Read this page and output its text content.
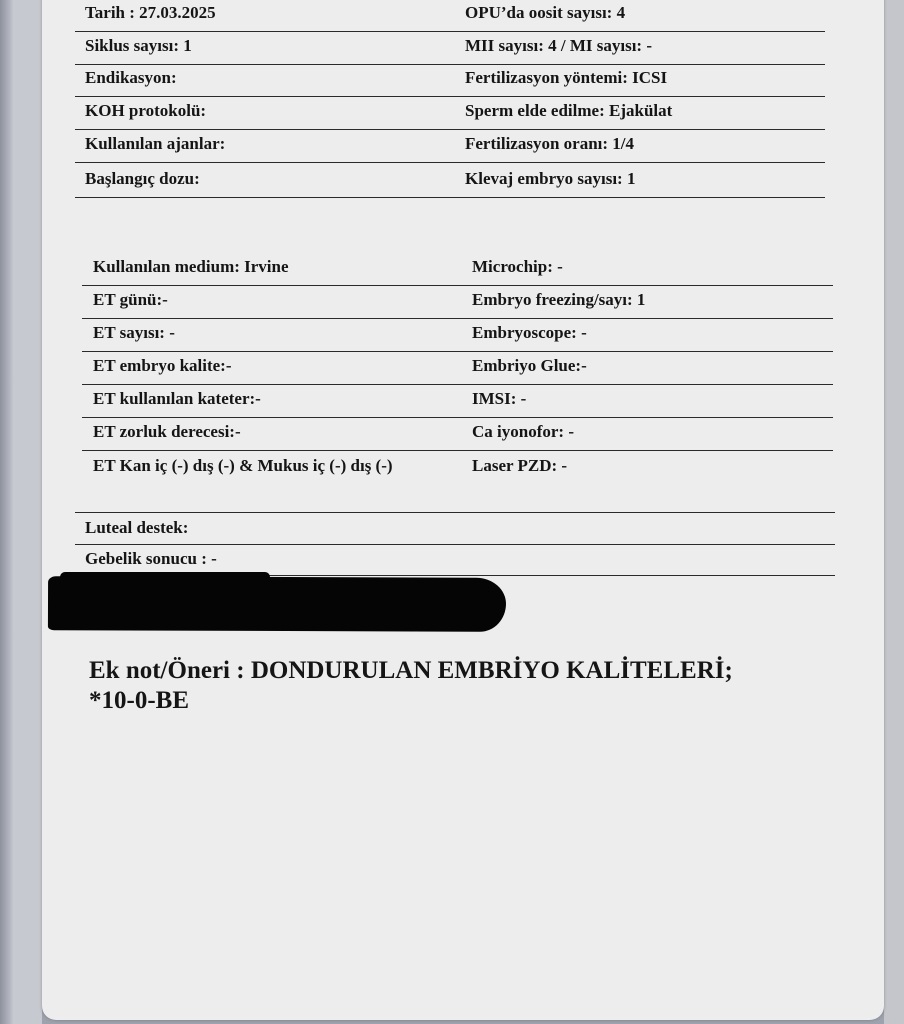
Tarih : 27.03.2025	OPU’da oosit sayısı: 4
Siklus sayısı: 1	MII sayısı: 4 / MI sayısı: -
Endikasyon:	Fertilizasyon yöntemi: ICSI
KOH protokolü:	Sperm elde edilme: Ejakülat
Kullanılan ajanlar:	Fertilizasyon oranı: 1/4
Başlangıç dozu:	Klevaj embryo sayısı: 1
Kullanılan medium: Irvine	Microchip: -
ET günü:-	Embryo freezing/sayı: 1
ET sayısı: -	Embryoscope: -
ET embryo kalite:-	Embriyo Glue:-
ET kullanılan kateter:-	IMSI: -
ET zorluk derecesi:-	Ca iyonofor: -
ET Kan iç (-) dış (-) & Mukus iç (-) dış (-)	Laser PZD: -
Luteal destek:
Gebelik sonucu : -
Ek not/Öneri : DONDURULAN EMBRİYO KALİTELERİ;
*10-0-BE
